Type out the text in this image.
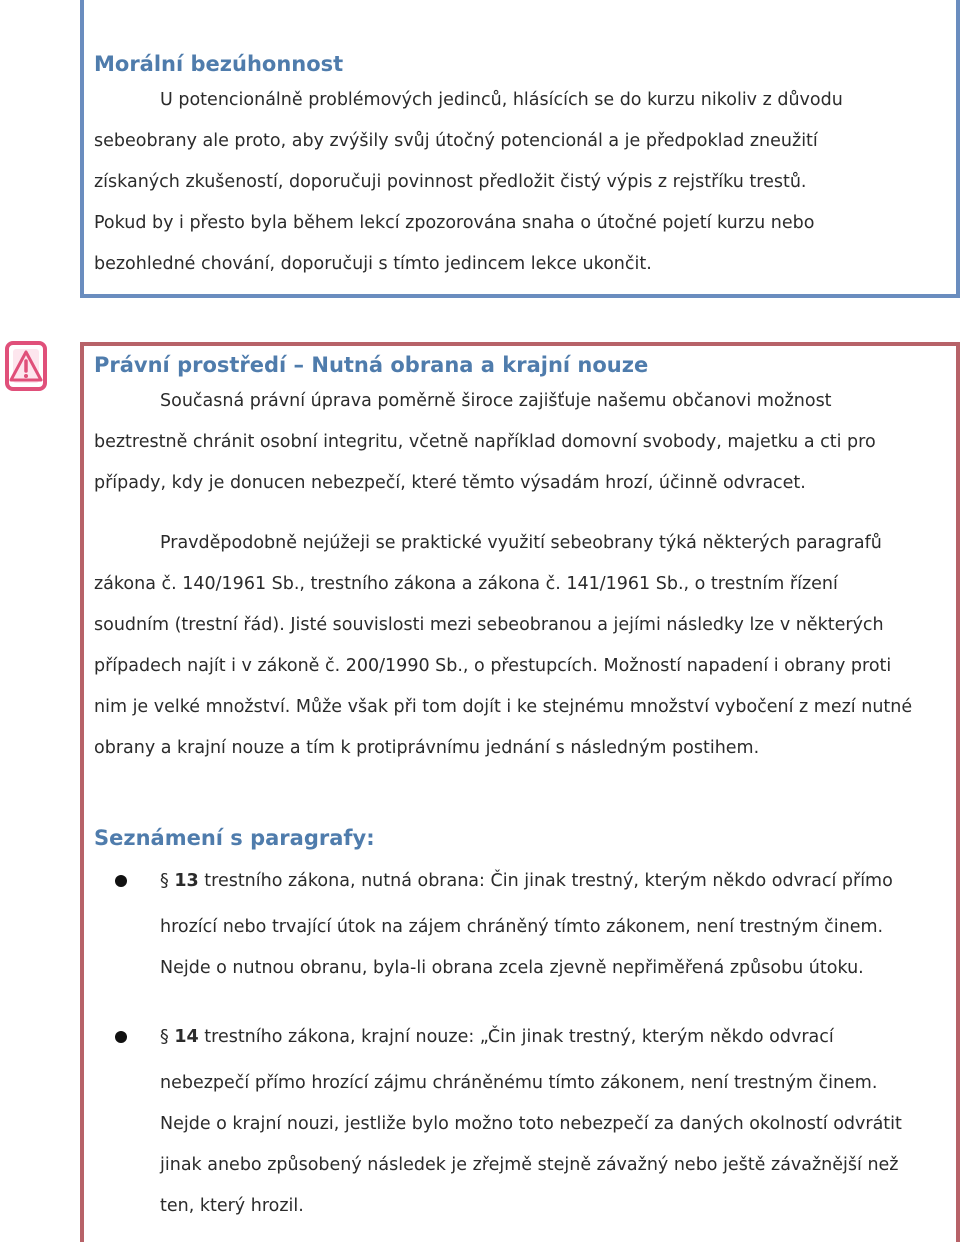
Morální bezúhonnost
U potencionálně problémových jedinců, hlásících se do kurzu nikoliv z důvodu
sebeobrany ale proto, aby zvýšily svůj útočný potencionál a je předpoklad zneužití
získaných zkušeností, doporučuji povinnost předložit čistý výpis z rejstříku trestů.
Pokud by i přesto byla během lekcí zpozorována snaha o útočné pojetí kurzu nebo
bezohledné chování, doporučuji s tímto jedincem lekce ukončit.
Právní prostředí – Nutná obrana a krajní nouze
Současná právní úprava poměrně široce zajišťuje našemu občanovi možnost
beztrestně chránit osobní integritu, včetně například domovní svobody, majetku a cti pro
případy, kdy je donucen nebezpečí, které těmto výsadám hrozí, účinně odvracet.
Pravděpodobně nejúžeji se praktické využití sebeobrany týká některých paragrafů
zákona č. 140/1961 Sb., trestního zákona a zákona č. 141/1961 Sb., o trestním řízení
soudním (trestní řád). Jisté souvislosti mezi sebeobranou a jejími následky lze v některých
případech najít i v zákoně č. 200/1990 Sb., o přestupcích. Možností napadení i obrany proti
nim je velké množství. Může však při tom dojít i ke stejnému množství vybočení z mezí nutné
obrany a krajní nouze a tím k protiprávnímu jednání s následným postihem.
Seznámení s paragrafy:
§ 13 trestního zákona, nutná obrana: Čin jinak trestný, kterým někdo odvrací přímo
hrozící nebo trvající útok na zájem chráněný tímto zákonem, není trestným činem.
Nejde o nutnou obranu, byla-li obrana zcela zjevně nepřiměřená způsobu útoku.
§ 14 trestního zákona, krajní nouze: „Čin jinak trestný, kterým někdo odvrací
nebezpečí přímo hrozící zájmu chráněnému tímto zákonem, není trestným činem.
Nejde o krajní nouzi, jestliže bylo možno toto nebezpečí za daných okolností odvrátit
jinak anebo způsobený následek je zřejmě stejně závažný nebo ještě závažnější než
ten, který hrozil.
